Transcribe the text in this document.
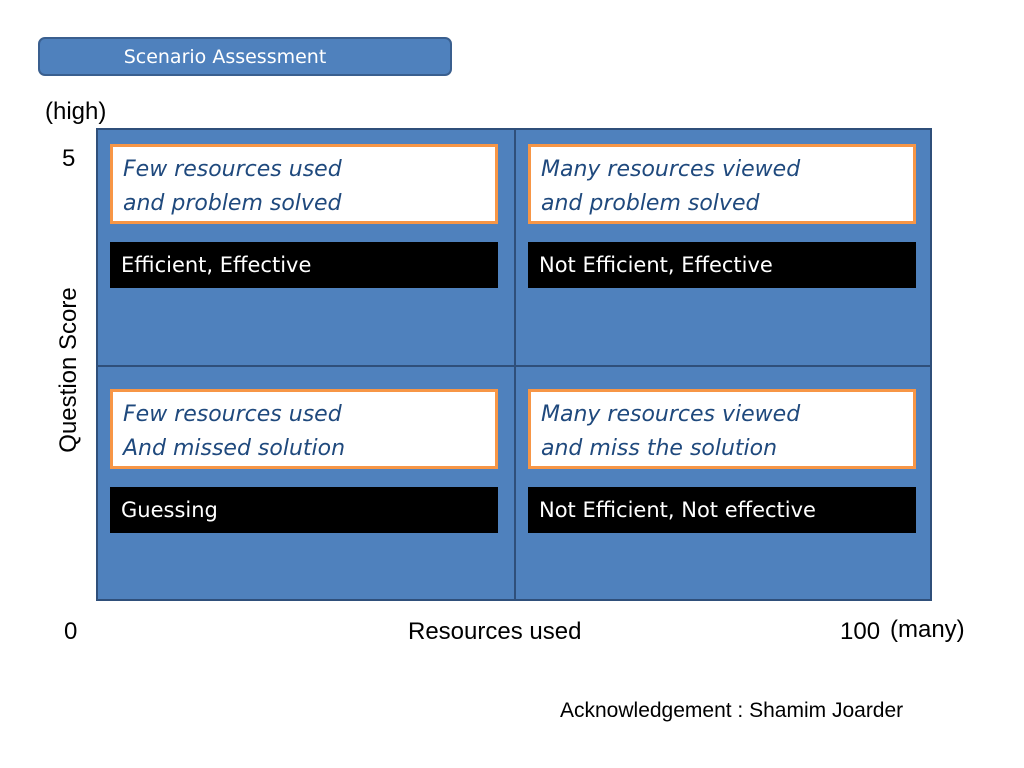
Scenario Assessment
(high)
5
Question Score
Few resources used
and problem solved
Efficient, Effective
Many resources viewed
and problem solved
Not Efficient, Effective
Few resources used
And missed solution
Guessing
Many resources viewed
and miss the solution
Not Efficient, Not effective
0	Resources used	100 (many)
Acknowledgement : Shamim Joarder
